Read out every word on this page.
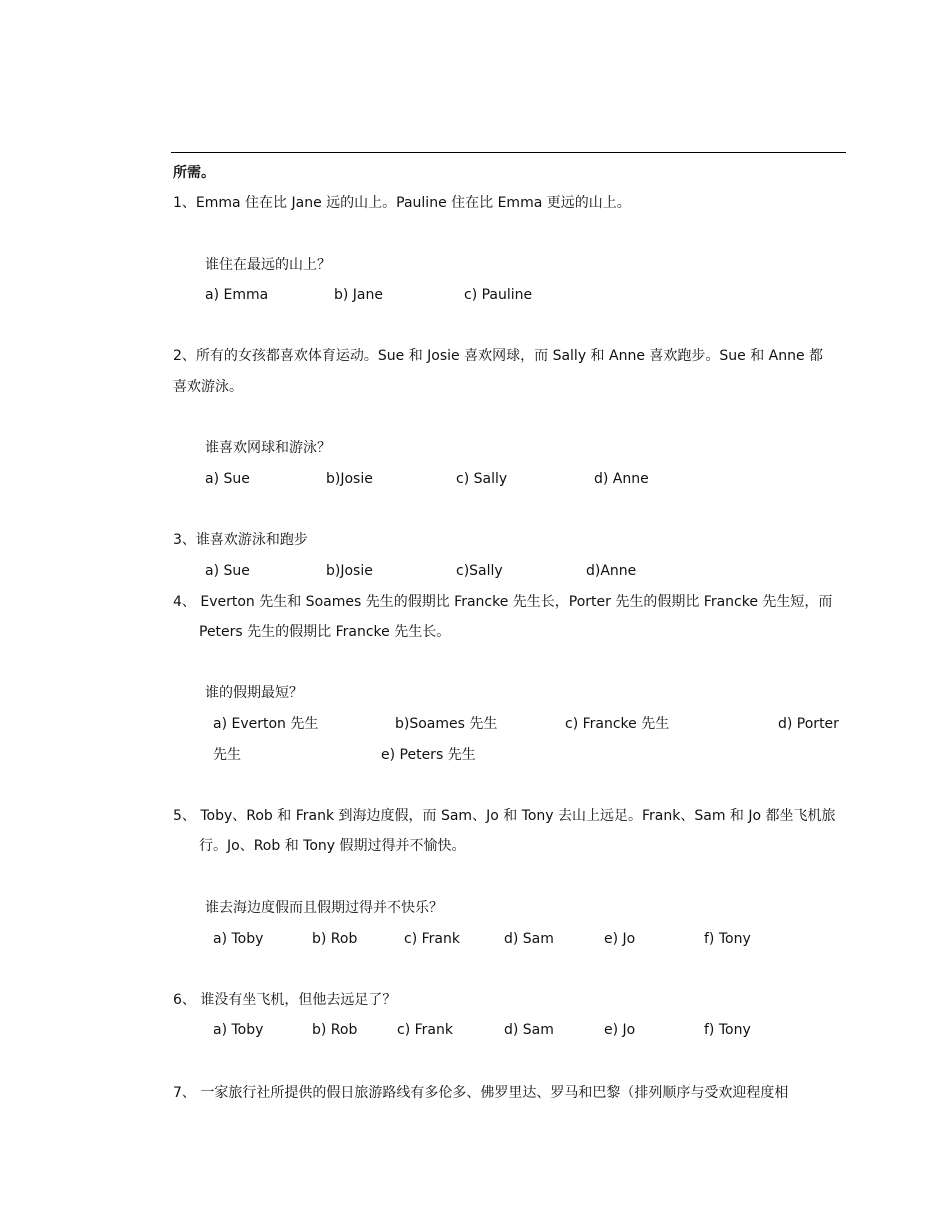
所需。
1、Emma 住在比 Jane 远的山上。Pauline 住在比 Emma 更远的山上。
谁住在最远的山上？
a) Emma	b) Jane	c) Pauline
2、所有的女孩都喜欢体育运动。Sue 和 Josie 喜欢网球，而 Sally 和 Anne 喜欢跑步。Sue 和 Anne 都
喜欢游泳。
谁喜欢网球和游泳？
a) Sue	b)Josie	c) Sally	d) Anne
3、谁喜欢游泳和跑步
a) Sue	b)Josie	c)Sally	d)Anne
4、 Everton 先生和 Soames 先生的假期比 Francke 先生长，Porter 先生的假期比 Francke 先生短，而
Peters 先生的假期比 Francke 先生长。
谁的假期最短？
a) Everton 先生	b)Soames 先生	c) Francke 先生	d) Porter
先生	e) Peters 先生
5、 Toby、Rob 和 Frank 到海边度假，而 Sam、Jo 和 Tony 去山上远足。Frank、Sam 和 Jo 都坐飞机旅
行。Jo、Rob 和 Tony 假期过得并不愉快。
谁去海边度假而且假期过得并不快乐？
a) Toby	b) Rob	c) Frank	d) Sam	e) Jo	f) Tony
6、 谁没有坐飞机，但他去远足了？
a) Toby	b) Rob	c) Frank	d) Sam	e) Jo	f) Tony
7、 一家旅行社所提供的假日旅游路线有多伦多、佛罗里达、罗马和巴黎（排列顺序与受欢迎程度相
